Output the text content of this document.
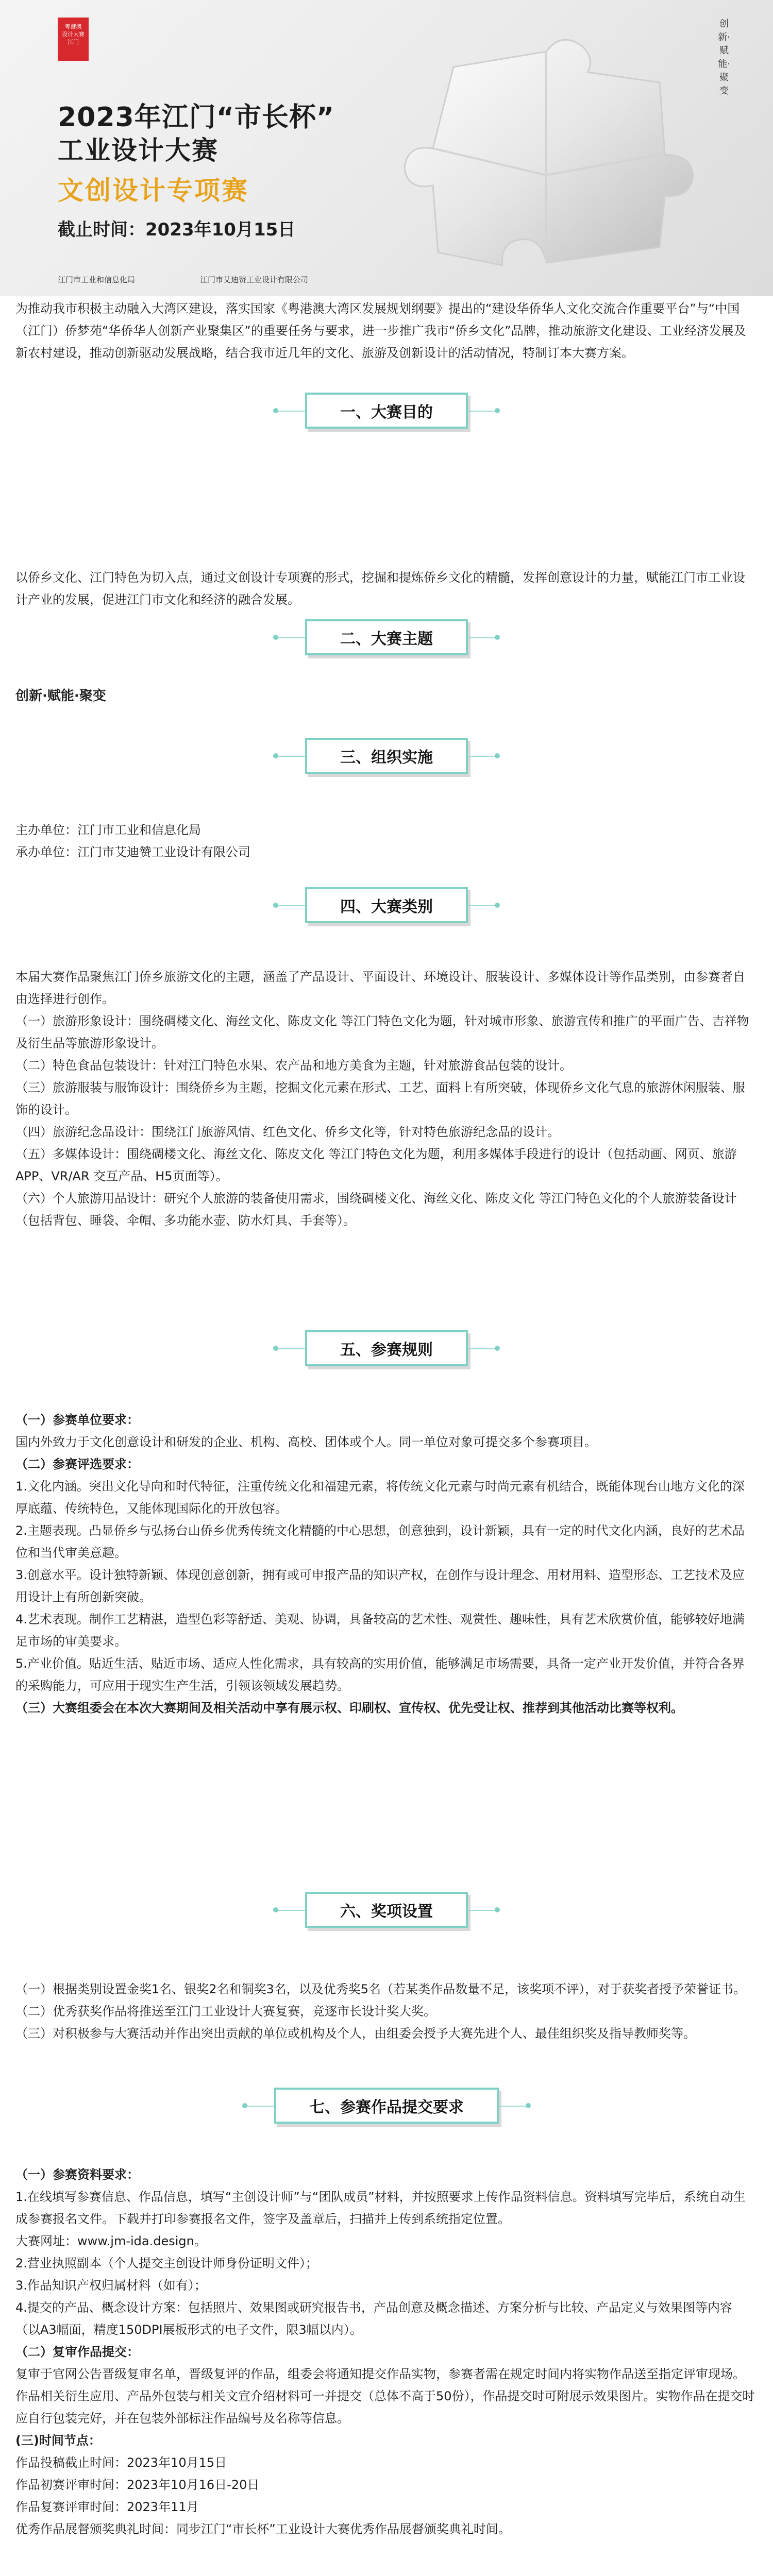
粤港澳
设计大赛
江门
2023年江门“市长杯”
工业设计大赛
文创设计专项赛
截止时间：2023年10月15日
江门市工业和信息化局	江门市艾迪赞工业设计有限公司
创新·赋能·聚变

为推动我市积极主动融入大湾区建设，落实国家《粤港澳大湾区发展规划纲要》提出的“建设华侨华人文化交流合作重要平台”与“中国（江门）侨梦苑“华侨华人创新产业聚集区”的重要任务与要求，进一步推广我市“侨乡文化”品牌，推动旅游文化建设、工业经济发展及新农村建设，推动创新驱动发展战略，结合我市近几年的文化、旅游及创新设计的活动情况，特制订本大赛方案。

一、大赛目的

以侨乡文化、江门特色为切入点，通过文创设计专项赛的形式，挖掘和提炼侨乡文化的精髓，发挥创意设计的力量，赋能江门市工业设计产业的发展，促进江门市文化和经济的融合发展。

二、大赛主题

创新·赋能·聚变

三、组织实施

主办单位：江门市工业和信息化局

承办单位：江门市艾迪赞工业设计有限公司

四、大赛类别

本届大赛作品聚焦江门侨乡旅游文化的主题，涵盖了产品设计、平面设计、环境设计、服装设计、多媒体设计等作品类别，由参赛者自由选择进行创作。

（一）旅游形象设计：围绕碉楼文化、海丝文化、陈皮文化 等江门特色文化为题，针对城市形象、旅游宣传和推广的平面广告、吉祥物及衍生品等旅游形象设计。

（二）特色食品包装设计：针对江门特色水果、农产品和地方美食为主题，针对旅游食品包装的设计。

（三）旅游服装与服饰设计：围绕侨乡为主题，挖掘文化元素在形式、工艺、面料上有所突破，体现侨乡文化气息的旅游休闲服装、服饰的设计。

（四）旅游纪念品设计：围绕江门旅游风情、红色文化、侨乡文化等，针对特色旅游纪念品的设计。

（五）多媒体设计：围绕碉楼文化、海丝文化、陈皮文化 等江门特色文化为题，利用多媒体手段进行的设计（包括动画、网页、旅游APP、VR/AR 交互产品、H5页面等）。

（六）个人旅游用品设计：研究个人旅游的装备使用需求，围绕碉楼文化、海丝文化、陈皮文化 等江门特色文化的个人旅游装备设计（包括背包、睡袋、伞帽、多功能水壶、防水灯具、手套等）。

五、参赛规则

（一）参赛单位要求：

国内外致力于文化创意设计和研发的企业、机构、高校、团体或个人。同一单位对象可提交多个参赛项目。

（二）参赛评选要求：

1.文化内涵。突出文化导向和时代特征，注重传统文化和福建元素，将传统文化元素与时尚元素有机结合，既能体现台山地方文化的深厚底蕴、传统特色，又能体现国际化的开放包容。

2.主题表现。凸显侨乡与弘扬台山侨乡优秀传统文化精髓的中心思想，创意独到，设计新颖，具有一定的时代文化内涵，良好的艺术品位和当代审美意趣。

3.创意水平。设计独特新颖、体现创意创新，拥有或可申报产品的知识产权，在创作与设计理念、用材用料、造型形态、工艺技术及应用设计上有所创新突破。

4.艺术表现。制作工艺精湛，造型色彩等舒适、美观、协调，具备较高的艺术性、观赏性、趣味性，具有艺术欣赏价值，能够较好地满足市场的审美要求。

5.产业价值。贴近生活、贴近市场、适应人性化需求，具有较高的实用价值，能够满足市场需要，具备一定产业开发价值，并符合各界的采购能力，可应用于现实生产生活，引领该领域发展趋势。

（三）大赛组委会在本次大赛期间及相关活动中享有展示权、印刷权、宣传权、优先受让权、推荐到其他活动比赛等权利。

六、奖项设置

（一）根据类别设置金奖1名、银奖2名和铜奖3名，以及优秀奖5名（若某类作品数量不足，该奖项不评），对于获奖者授予荣誉证书。

（二）优秀获奖作品将推送至江门工业设计大赛复赛，竞逐市长设计奖大奖。

（三）对积极参与大赛活动并作出突出贡献的单位或机构及个人，由组委会授予大赛先进个人、最佳组织奖及指导教师奖等。

七、参赛作品提交要求

（一）参赛资料要求：

1.在线填写参赛信息、作品信息，填写“主创设计师”与“团队成员”材料，并按照要求上传作品资料信息。资料填写完毕后，系统自动生成参赛报名文件。下载并打印参赛报名文件，签字及盖章后，扫描并上传到系统指定位置。

大赛网址：www.jm-ida.design。

2.营业执照副本（个人提交主创设计师身份证明文件）；

3.作品知识产权归属材料（如有）；

4.提交的产品、概念设计方案：包括照片、效果图或研究报告书，产品创意及概念描述、方案分析与比较、产品定义与效果图等内容（以A3幅面，精度150DPI展板形式的电子文件，限3幅以内）。

（二）复审作品提交：

复审于官网公告晋级复审名单，晋级复评的作品，组委会将通知提交作品实物，参赛者需在规定时间内将实物作品送至指定评审现场。

作品相关衍生应用、产品外包装与相关文宣介绍材料可一并提交（总体不高于50份），作品提交时可附展示效果图片。实物作品在提交时应自行包装完好，并在包装外部标注作品编号及名称等信息。

(三)时间节点：

作品投稿截止时间：2023年10月15日

作品初赛评审时间：2023年10月16日-20日

作品复赛评审时间：2023年11月

优秀作品展督颁奖典礼时间：同步江门“市长杯”工业设计大赛优秀作品展督颁奖典礼时间。
